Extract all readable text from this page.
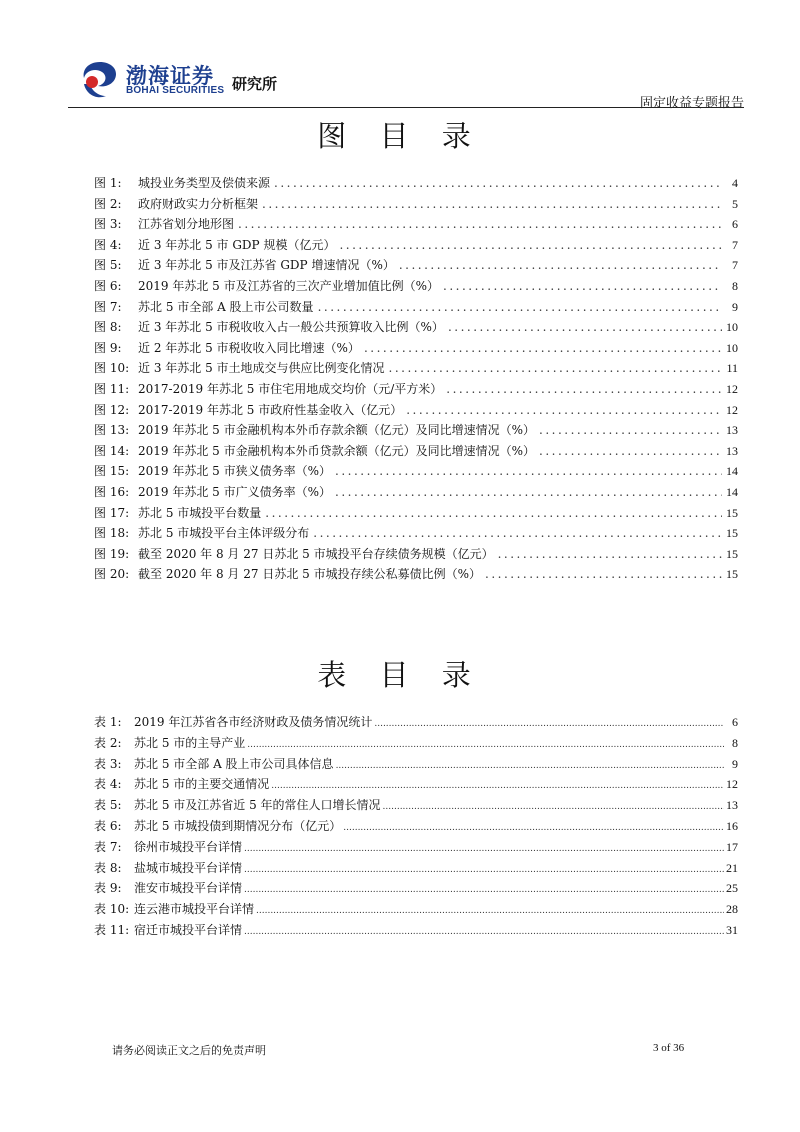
渤海证券
BOHAI SECURITIES 研究所
固定收益专题报告
图 目 录
图 1:	城投业务类型及偿债来源 .....	4
图 2:	政府财政实力分析框架 .....	5
图 3:	江苏省划分地形图 .....	6
图 4:	近 3 年苏北 5 市 GDP 规模（亿元） .....	7
图 5:	近 3 年苏北 5 市及江苏省 GDP 增速情况（%） .....	7
图 6:	2019 年苏北 5 市及江苏省的三次产业增加值比例（%） .....	8
图 7:	苏北 5 市全部 A 股上市公司数量 .....	9
图 8:	近 3 年苏北 5 市税收收入占一般公共预算收入比例（%） .....	10
图 9:	近 2 年苏北 5 市税收收入同比增速（%） .....	10
图 10: 近 3 年苏北 5 市土地成交与供应比例变化情况 .....	11
图 11: 2017-2019 年苏北 5 市住宅用地成交均价（元/平方米） .....	12
图 12: 2017-2019 年苏北 5 市政府性基金收入（亿元） .....	12
图 13: 2019 年苏北 5 市金融机构本外币存款余额（亿元）及同比增速情况（%） .....	13
图 14: 2019 年苏北 5 市金融机构本外币贷款余额（亿元）及同比增速情况（%） .....	13
图 15: 2019 年苏北 5 市狭义债务率（%） .....	14
图 16: 2019 年苏北 5 市广义债务率（%） .....	14
图 17: 苏北 5 市城投平台数量 .....	15
图 18: 苏北 5 市城投平台主体评级分布 .....	15
图 19: 截至 2020 年 8 月 27 日苏北 5 市城投平台存续债务规模（亿元） .....	15
图 20: 截至 2020 年 8 月 27 日苏北 5 市城投存续公私募债比例（%） .....	15
表 目 录
表 1:	2019 年江苏省各市经济财政及债务情况统计 .....	6
表 2:	苏北 5 市的主导产业 .....	8
表 3:	苏北 5 市全部 A 股上市公司具体信息 .....	9
表 4:	苏北 5 市的主要交通情况 .....	12
表 5:	苏北 5 市及江苏省近 5 年的常住人口增长情况 .....	13
表 6:	苏北 5 市城投债到期情况分布（亿元） .....	16
表 7:	徐州市城投平台详情 .....	17
表 8:	盐城市城投平台详情 .....	21
表 9:	淮安市城投平台详情 .....	25
表 10: 连云港市城投平台详情 .....	28
表 11: 宿迁市城投平台详情 .....	31
请务必阅读正文之后的免责声明	3 of 36
